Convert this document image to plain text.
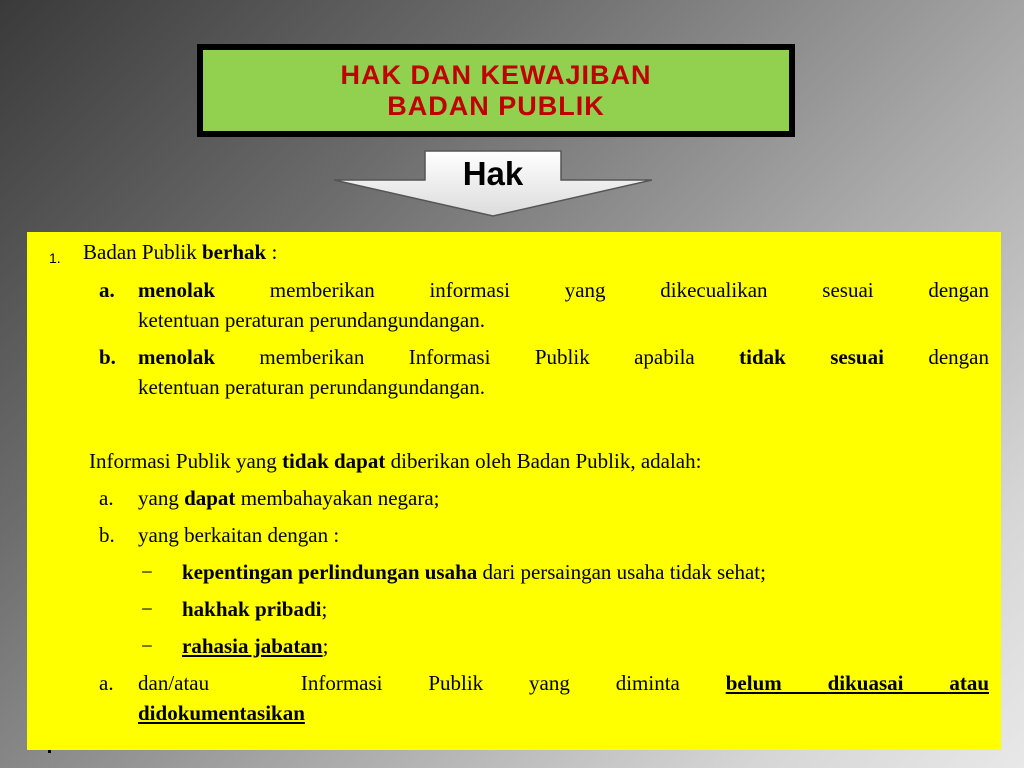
HAK DAN KEWAJIBAN
BADAN PUBLIK
Hak
1. Badan Publik berhak :
a. menolak memberikan informasi yang dikecualikan sesuai dengan
ketentuan peraturan perundangundangan.
b. menolak memberikan Informasi Publik apabila tidak sesuai dengan
ketentuan peraturan perundangundangan.
Informasi Publik yang tidak dapat diberikan oleh Badan Publik, adalah:
a. yang dapat membahayakan negara;
b. yang berkaitan dengan :
− kepentingan perlindungan usaha dari persaingan usaha tidak sehat;
− hakhak pribadi;
− rahasia jabatan;
a. dan/atau  Informasi Publik yang diminta belum dikuasai atau
didokumentasikan
